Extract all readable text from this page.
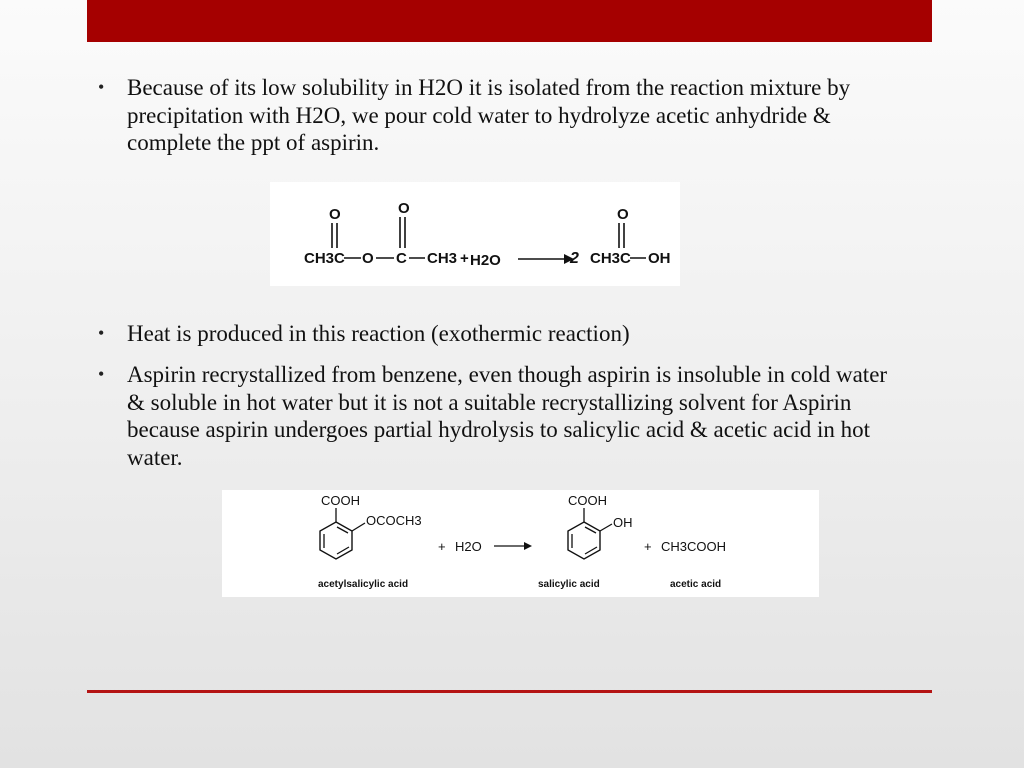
• Because of its low solubility in H2O it is isolated from the reaction mixture by precipitation with H2O, we pour cold water to hydrolyze acetic anhydride & complete the ppt of aspirin.
O	O	O
CH3C O C CH3 + H2O	2 CH3C OH
• Heat is produced in this reaction (exothermic reaction)
• Aspirin recrystallized from benzene, even though aspirin is insoluble in cold water & soluble in hot water but it is not a suitable recrystallizing solvent for Aspirin because aspirin undergoes partial hydrolysis to salicylic acid & acetic acid in hot water.
COOH
OCOCH3
+ H2O
COOH
OH
+ CH3COOH
acetylsalicylic acid	salicylic acid	acetic acid
